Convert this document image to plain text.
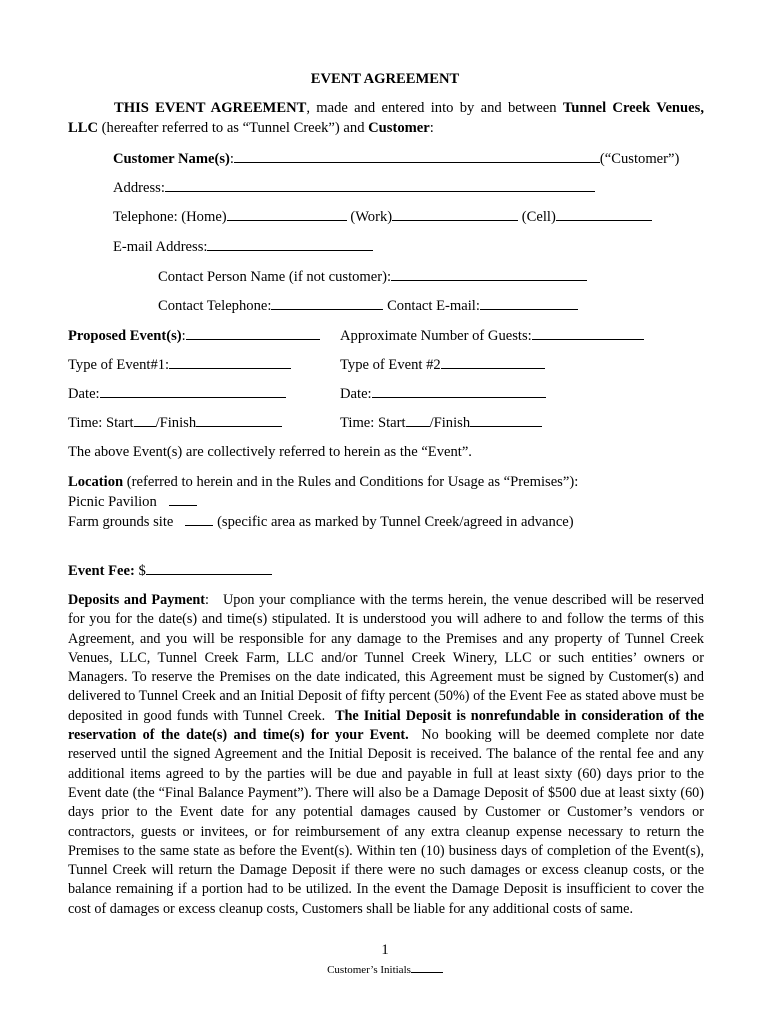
EVENT AGREEMENT
THIS EVENT AGREEMENT, made and entered into by and between Tunnel Creek Venues, LLC (hereafter referred to as “Tunnel Creek”) and Customer:
Customer Name(s):	(“Customer”)
Address:
Telephone: (Home)	(Work)	(Cell)
E-mail Address:
Contact Person Name (if not customer):
Contact Telephone:	Contact E-mail:
Proposed Event(s):	Approximate Number of Guests:
Type of Event#1:	Type of Event #2
Date:	Date:
Time: Start /Finish	Time: Start /Finish
The above Event(s) are collectively referred to herein as the “Event”.
Location (referred to herein and in the Rules and Conditions for Usage as “Premises”):
Picnic Pavilion
Farm grounds site	(specific area as marked by Tunnel Creek/agreed in advance)
Event Fee: $
Deposits and Payment: Upon your compliance with the terms herein, the venue described will be reserved for you for the date(s) and time(s) stipulated. It is understood you will adhere to and follow the terms of this Agreement, and you will be responsible for any damage to the Premises and any property of Tunnel Creek Venues, LLC, Tunnel Creek Farm, LLC and/or Tunnel Creek Winery, LLC or such entities’ owners or Managers. To reserve the Premises on the date indicated, this Agreement must be signed by Customer(s) and delivered to Tunnel Creek and an Initial Deposit of fifty percent (50%) of the Event Fee as stated above must be deposited in good funds with Tunnel Creek. The Initial Deposit is nonrefundable in consideration of the reservation of the date(s) and time(s) for your Event. No booking will be deemed complete nor date reserved until the signed Agreement and the Initial Deposit is received. The balance of the rental fee and any additional items agreed to by the parties will be due and payable in full at least sixty (60) days prior to the Event date (the “Final Balance Payment”). There will also be a Damage Deposit of $500 due at least sixty (60) days prior to the Event date for any potential damages caused by Customer or Customer’s vendors or contractors, guests or invitees, or for reimbursement of any extra cleanup expense necessary to return the Premises to the same state as before the Event(s). Within ten (10) business days of completion of the Event(s), Tunnel Creek will return the Damage Deposit if there were no such damages or excess cleanup costs, or the balance remaining if a portion had to be utilized. In the event the Damage Deposit is insufficient to cover the cost of damages or excess cleanup costs, Customers shall be liable for any additional costs of same.
1
Customer’s Initials
